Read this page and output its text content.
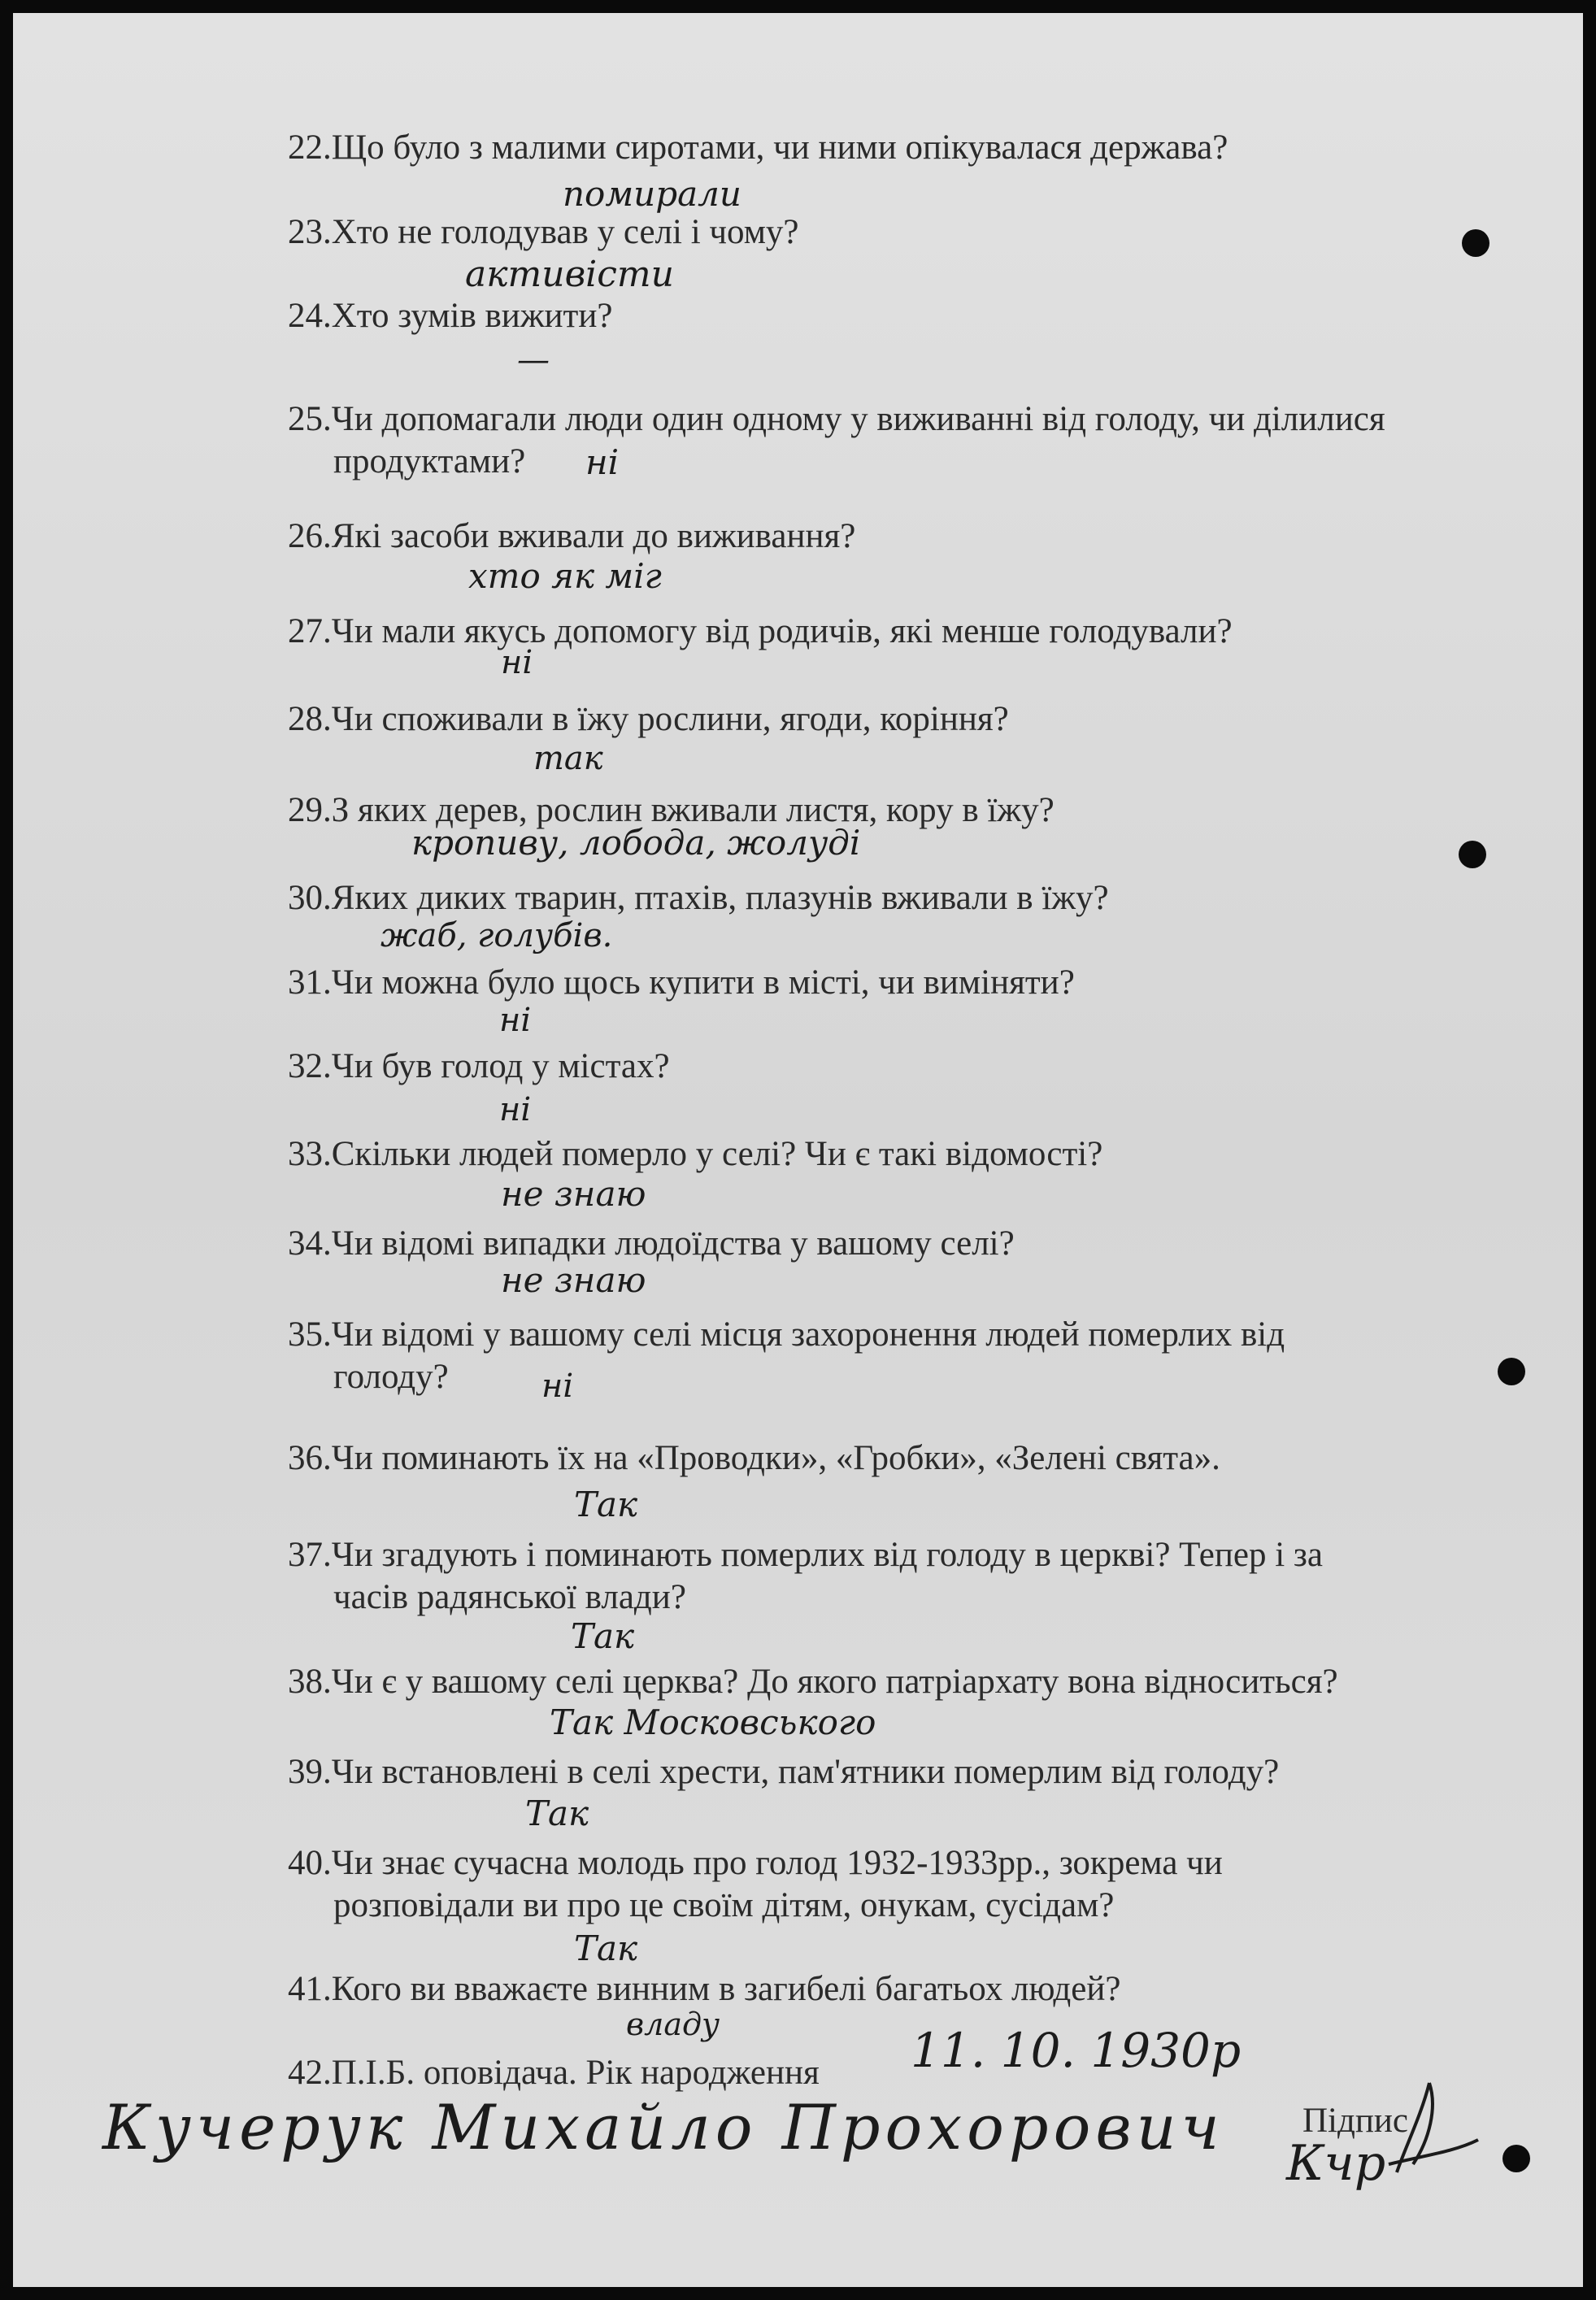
22.Що було з малими сиротами, чи ними опікувалася держава?
23.Хто не голодував у селі і чому?
24.Хто зумів вижити?
25.Чи допомагали люди один одному у виживанні від голоду, чи ділилися
продуктами?
26.Які засоби вживали до виживання?
27.Чи мали якусь допомогу від родичів, які менше голодували?
28.Чи споживали в їжу рослини, ягоди, коріння?
29.З яких дерев, рослин вживали листя, кору в їжу?
30.Яких диких тварин, птахів, плазунів вживали в їжу?
31.Чи можна було щось купити в місті, чи виміняти?
32.Чи був голод у містах?
33.Скільки людей померло у селі? Чи є такі відомості?
34.Чи відомі випадки людоїдства у вашому селі?
35.Чи відомі у вашому селі місця захоронення людей померлих від
голоду?
36.Чи поминають їх на «Проводки», «Гробки», «Зелені свята».
37.Чи згадують і поминають померлих від голоду в церкві? Тепер і за
часів радянської влади?
38.Чи є у вашому селі церква? До якого патріархату вона відноситься?
39.Чи встановлені в селі хрести, пам'ятники померлим від голоду?
40.Чи знає сучасна молодь про голод 1932-1933рр., зокрема чи
розповідали ви про це своїм дітям, онукам, сусідам?
41.Кого ви вважаєте винним в загибелі багатьох людей?
42.П.І.Б. оповідача. Рік народження
—
помирали
активісти
ні
хто як міг
ні
так
кропиву, лобода, жолуді
жаб, голубів.
ні
ні
не знаю
не знаю
ні
Так
Так
Так Московського
Так
Так
владу	11. 10. 1930р
Кучерук Михайло Прохорович Підпис
Кчр
